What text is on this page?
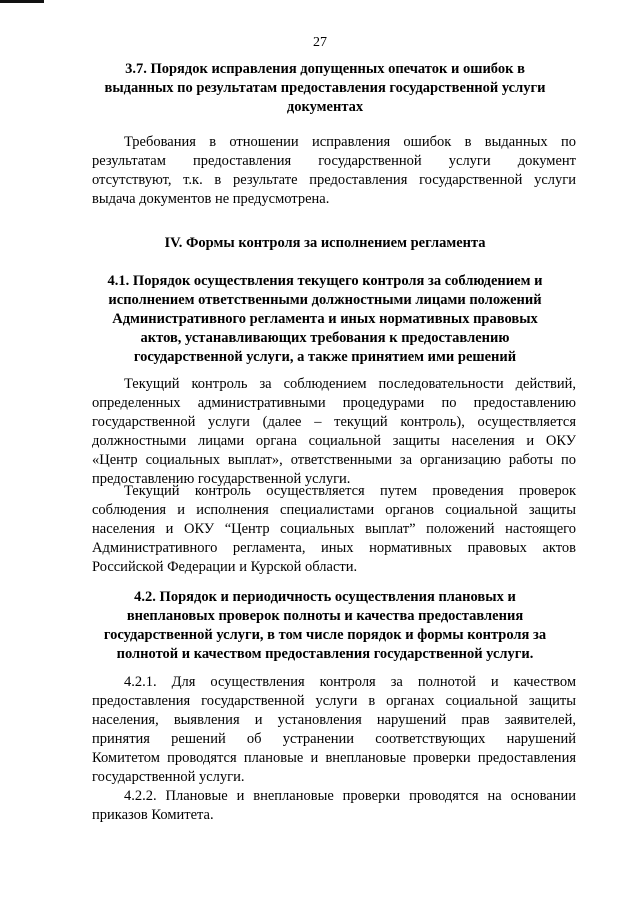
27
3.7. Порядок исправления допущенных опечаток и ошибок в
выданных по результатам предоставления государственной услуги
документах
Требования в отношении исправления ошибок в выданных по
результатам предоставления государственной услуги документ
отсутствуют, т.к. в результате предоставления государственной услуги
выдача документов не предусмотрена.
IV. Формы контроля за исполнением регламента
4.1. Порядок осуществления текущего контроля за соблюдением и
исполнением ответственными должностными лицами положений
Административного регламента и иных нормативных правовых
актов, устанавливающих требования к предоставлению
государственной услуги, а также принятием ими решений
Текущий контроль за соблюдением последовательности действий,
определенных административными процедурами по предоставлению
государственной услуги (далее – текущий контроль), осуществляется
должностными лицами органа социальной защиты населения и ОКУ
«Центр социальных выплат», ответственными за организацию работы по
предоставлению государственной услуги.
Текущий контроль осуществляется путем проведения проверок
соблюдения и исполнения специалистами органов социальной защиты
населения и ОКУ “Центр социальных выплат” положений настоящего
Административного регламента, иных нормативных правовых актов
Российской Федерации и Курской области.
4.2. Порядок и периодичность осуществления плановых и
внеплановых проверок полноты и качества предоставления
государственной услуги, в том числе порядок и формы контроля за
полнотой и качеством предоставления государственной услуги.
4.2.1. Для осуществления контроля за полнотой и качеством
предоставления государственной услуги в органах социальной защиты
населения, выявления и установления нарушений прав заявителей,
принятия решений об устранении соответствующих нарушений
Комитетом проводятся плановые и внеплановые проверки предоставления
государственной услуги.
4.2.2. Плановые и внеплановые проверки проводятся на основании
приказов Комитета.
